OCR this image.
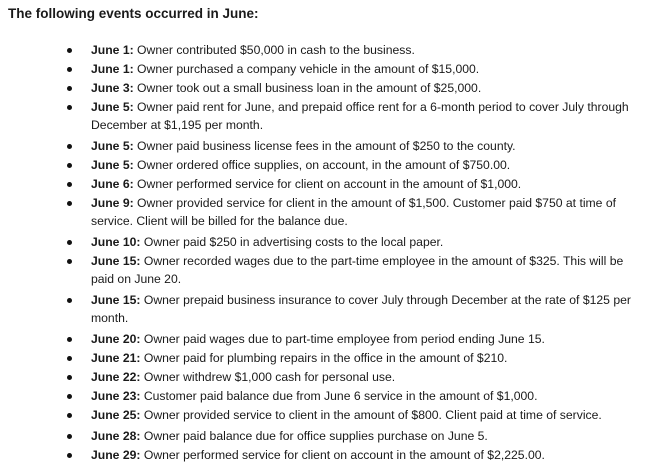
The following events occurred in June:
June 1: Owner contributed $50,000 in cash to the business.
June 1: Owner purchased a company vehicle in the amount of $15,000.
June 3: Owner took out a small business loan in the amount of $25,000.
June 5: Owner paid rent for June, and prepaid office rent for a 6-month period to cover July through December at $1,195 per month.
June 5: Owner paid business license fees in the amount of $250 to the county.
June 5: Owner ordered office supplies, on account, in the amount of $750.00.
June 6: Owner performed service for client on account in the amount of $1,000.
June 9: Owner provided service for client in the amount of $1,500. Customer paid $750 at time of service. Client will be billed for the balance due.
June 10: Owner paid $250 in advertising costs to the local paper.
June 15: Owner recorded wages due to the part-time employee in the amount of $325. This will be paid on June 20.
June 15: Owner prepaid business insurance to cover July through December at the rate of $125 per month.
June 20: Owner paid wages due to part-time employee from period ending June 15.
June 21: Owner paid for plumbing repairs in the office in the amount of $210.
June 22: Owner withdrew $1,000 cash for personal use.
June 23: Customer paid balance due from June 6 service in the amount of $1,000.
June 25: Owner provided service to client in the amount of $800. Client paid at time of service.
June 28: Owner paid balance due for office supplies purchase on June 5.
June 29: Owner performed service for client on account in the amount of $2,225.00.
